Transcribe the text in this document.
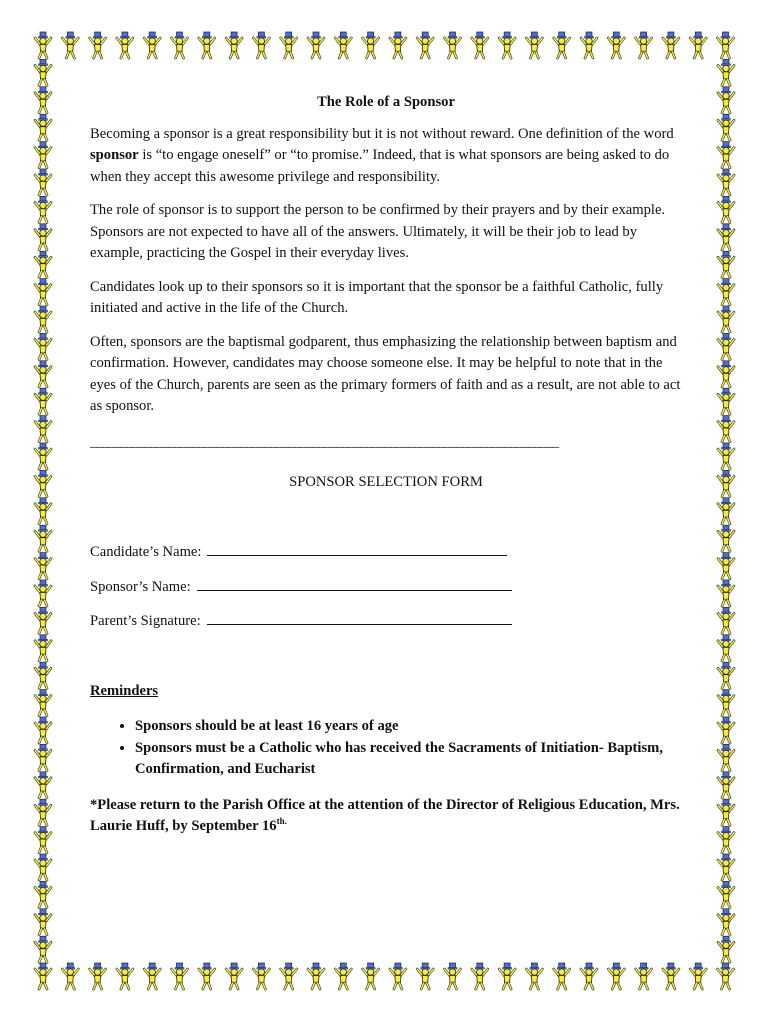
The Role of a Sponsor

Becoming a sponsor is a great responsibility but it is not without reward. One definition of the word sponsor is “to engage oneself” or “to promise.” Indeed, that is what sponsors are being asked to do when they accept this awesome privilege and responsibility.

The role of sponsor is to support the person to be confirmed by their prayers and by their example. Sponsors are not expected to have all of the answers. Ultimately, it will be their job to lead by example, practicing the Gospel in their everyday lives.

Candidates look up to their sponsors so it is important that the sponsor be a faithful Catholic, fully initiated and active in the life of the Church.

Often, sponsors are the baptismal godparent, thus emphasizing the relationship between baptism and confirmation. However, candidates may choose someone else. It may be helpful to note that in the eyes of the Church, parents are seen as the primary formers of faith and as a result, are not able to act as sponsor.

______________________________________________________________________________
SPONSOR SELECTION FORM
Candidate’s Name:
Sponsor’s Name:
Parent’s Signature:
Reminders
• Sponsors should be at least 16 years of age
• Sponsors must be a Catholic who has received the Sacraments of Initiation- Baptism, Confirmation, and Eucharist

*Please return to the Parish Office at the attention of the Director of Religious Education, Mrs. Laurie Huff, by September $16^{th.}$
